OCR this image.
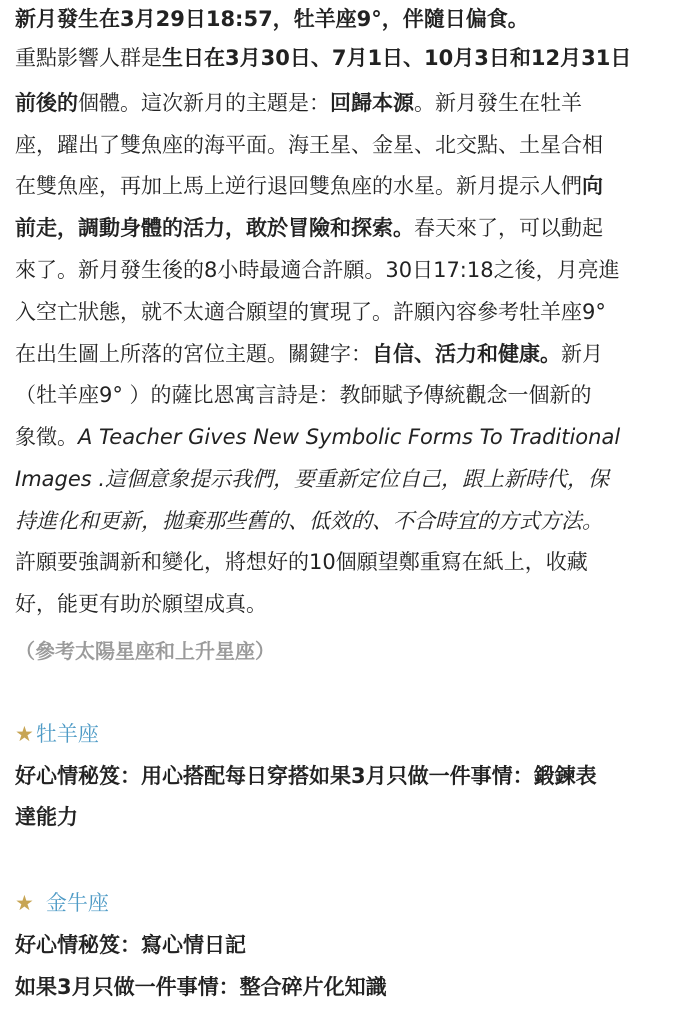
新月發生在3月29日18:57，牡羊座9°，伴隨日偏食。
重點影響人群是生日在3月30日、7月1日、10月3日和12月31日
前後的個體。這次新月的主題是：回歸本源。新月發生在牡羊
座，躍出了雙魚座的海平面。海王星、金星、北交點、土星合相
在雙魚座，再加上馬上逆行退回雙魚座的水星。新月提示人們向
前走，調動身體的活力，敢於冒險和探索。春天來了，可以動起
來了。新月發生後的8小時最適合許願。30日17:18之後，月亮進
入空亡狀態，就不太適合願望的實現了。許願內容參考牡羊座9°
在出生圖上所落的宮位主題。關鍵字：自信、活力和健康。新月
（牡羊座9° ）的薩比恩寓言詩是：教師賦予傳統觀念一個新的
象徵。A Teacher Gives New Symbolic Forms To Traditional
Images .這個意象提示我們，要重新定位自己，跟上新時代，保
持進化和更新，拋棄那些舊的、低效的、不合時宜的方式方法。
許願要強調新和變化，將想好的10個願望鄭重寫在紙上，收藏
好，能更有助於願望成真。
（參考太陽星座和上升星座）
★牡羊座
好心情秘笈：用心搭配每日穿搭如果3月只做一件事情：鍛鍊表
達能力
★ 金牛座
好心情秘笈：寫心情日記
如果3月只做一件事情：整合碎片化知識
